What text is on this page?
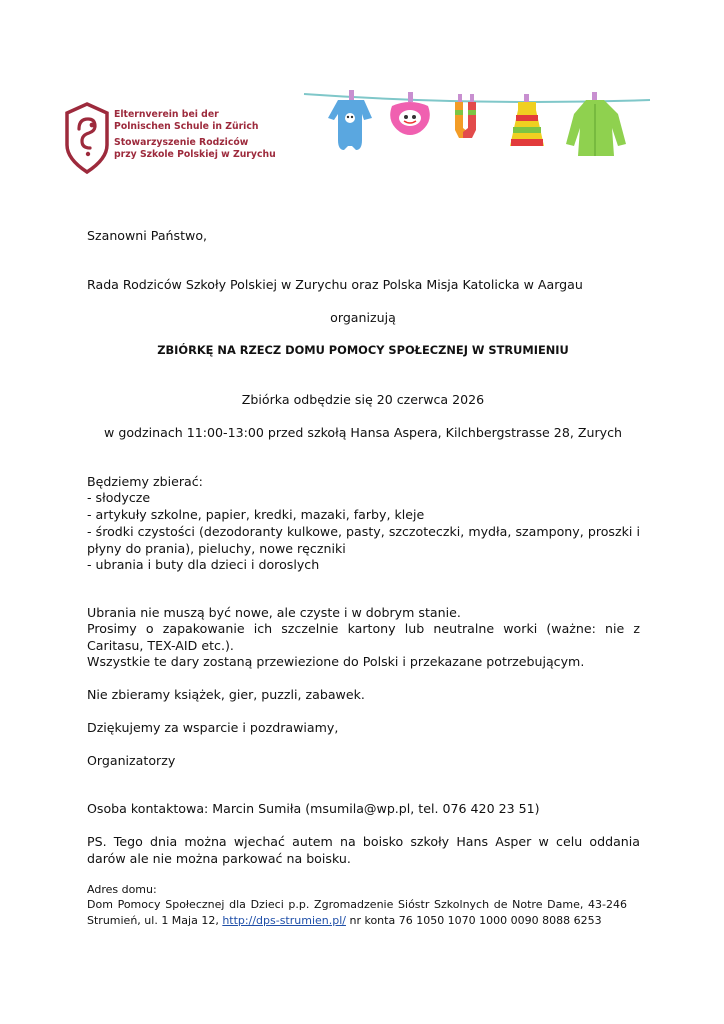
Elternverein bei der
Polnischen Schule in Zürich
Stowarzyszenie Rodziców
przy Szkole Polskiej w Zurychu
Szanowni Państwo,
Rada Rodziców Szkoły Polskiej w Zurychu oraz Polska Misja Katolicka w Aargau
organizują
ZBIÓRKĘ NA RZECZ DOMU POMOCY SPOŁECZNEJ W STRUMIENIU
Zbiórka odbędzie się 20 czerwca 2026
w godzinach 11:00-13:00 przed szkołą Hansa Aspera, Kilchbergstrasse 28, Zurych
Będziemy zbierać:
- słodycze
- artykuły szkolne, papier, kredki, mazaki, farby, kleje
- środki czystości (dezodoranty kulkowe, pasty, szczoteczki, mydła, szampony, proszki i płyny do prania), pieluchy, nowe ręczniki
- ubrania i buty dla dzieci i doroslych
Ubrania nie muszą być nowe, ale czyste i w dobrym stanie.
Prosimy o zapakowanie ich szczelnie kartony lub neutralne worki (ważne: nie z Caritasu, TEX-AID etc.).
Wszystkie te dary zostaną przewiezione do Polski i przekazane potrzebującym.
Nie zbieramy książek, gier, puzzli, zabawek.
Dziękujemy za wsparcie i pozdrawiamy,
Organizatorzy
Osoba kontaktowa: Marcin Sumiła (msumila@wp.pl, tel. 076 420 23 51)
PS. Tego dnia można wjechać autem na boisko szkoły Hans Asper w celu oddania darów ale nie można parkować na boisku.
Adres domu:
Dom Pomocy Społecznej dla Dzieci p.p. Zgromadzenie Sióstr Szkolnych de Notre Dame, 43-246 Strumień, ul. 1 Maja 12, http://dps-strumien.pl/ nr konta 76 1050 1070 1000 0090 8088 6253
